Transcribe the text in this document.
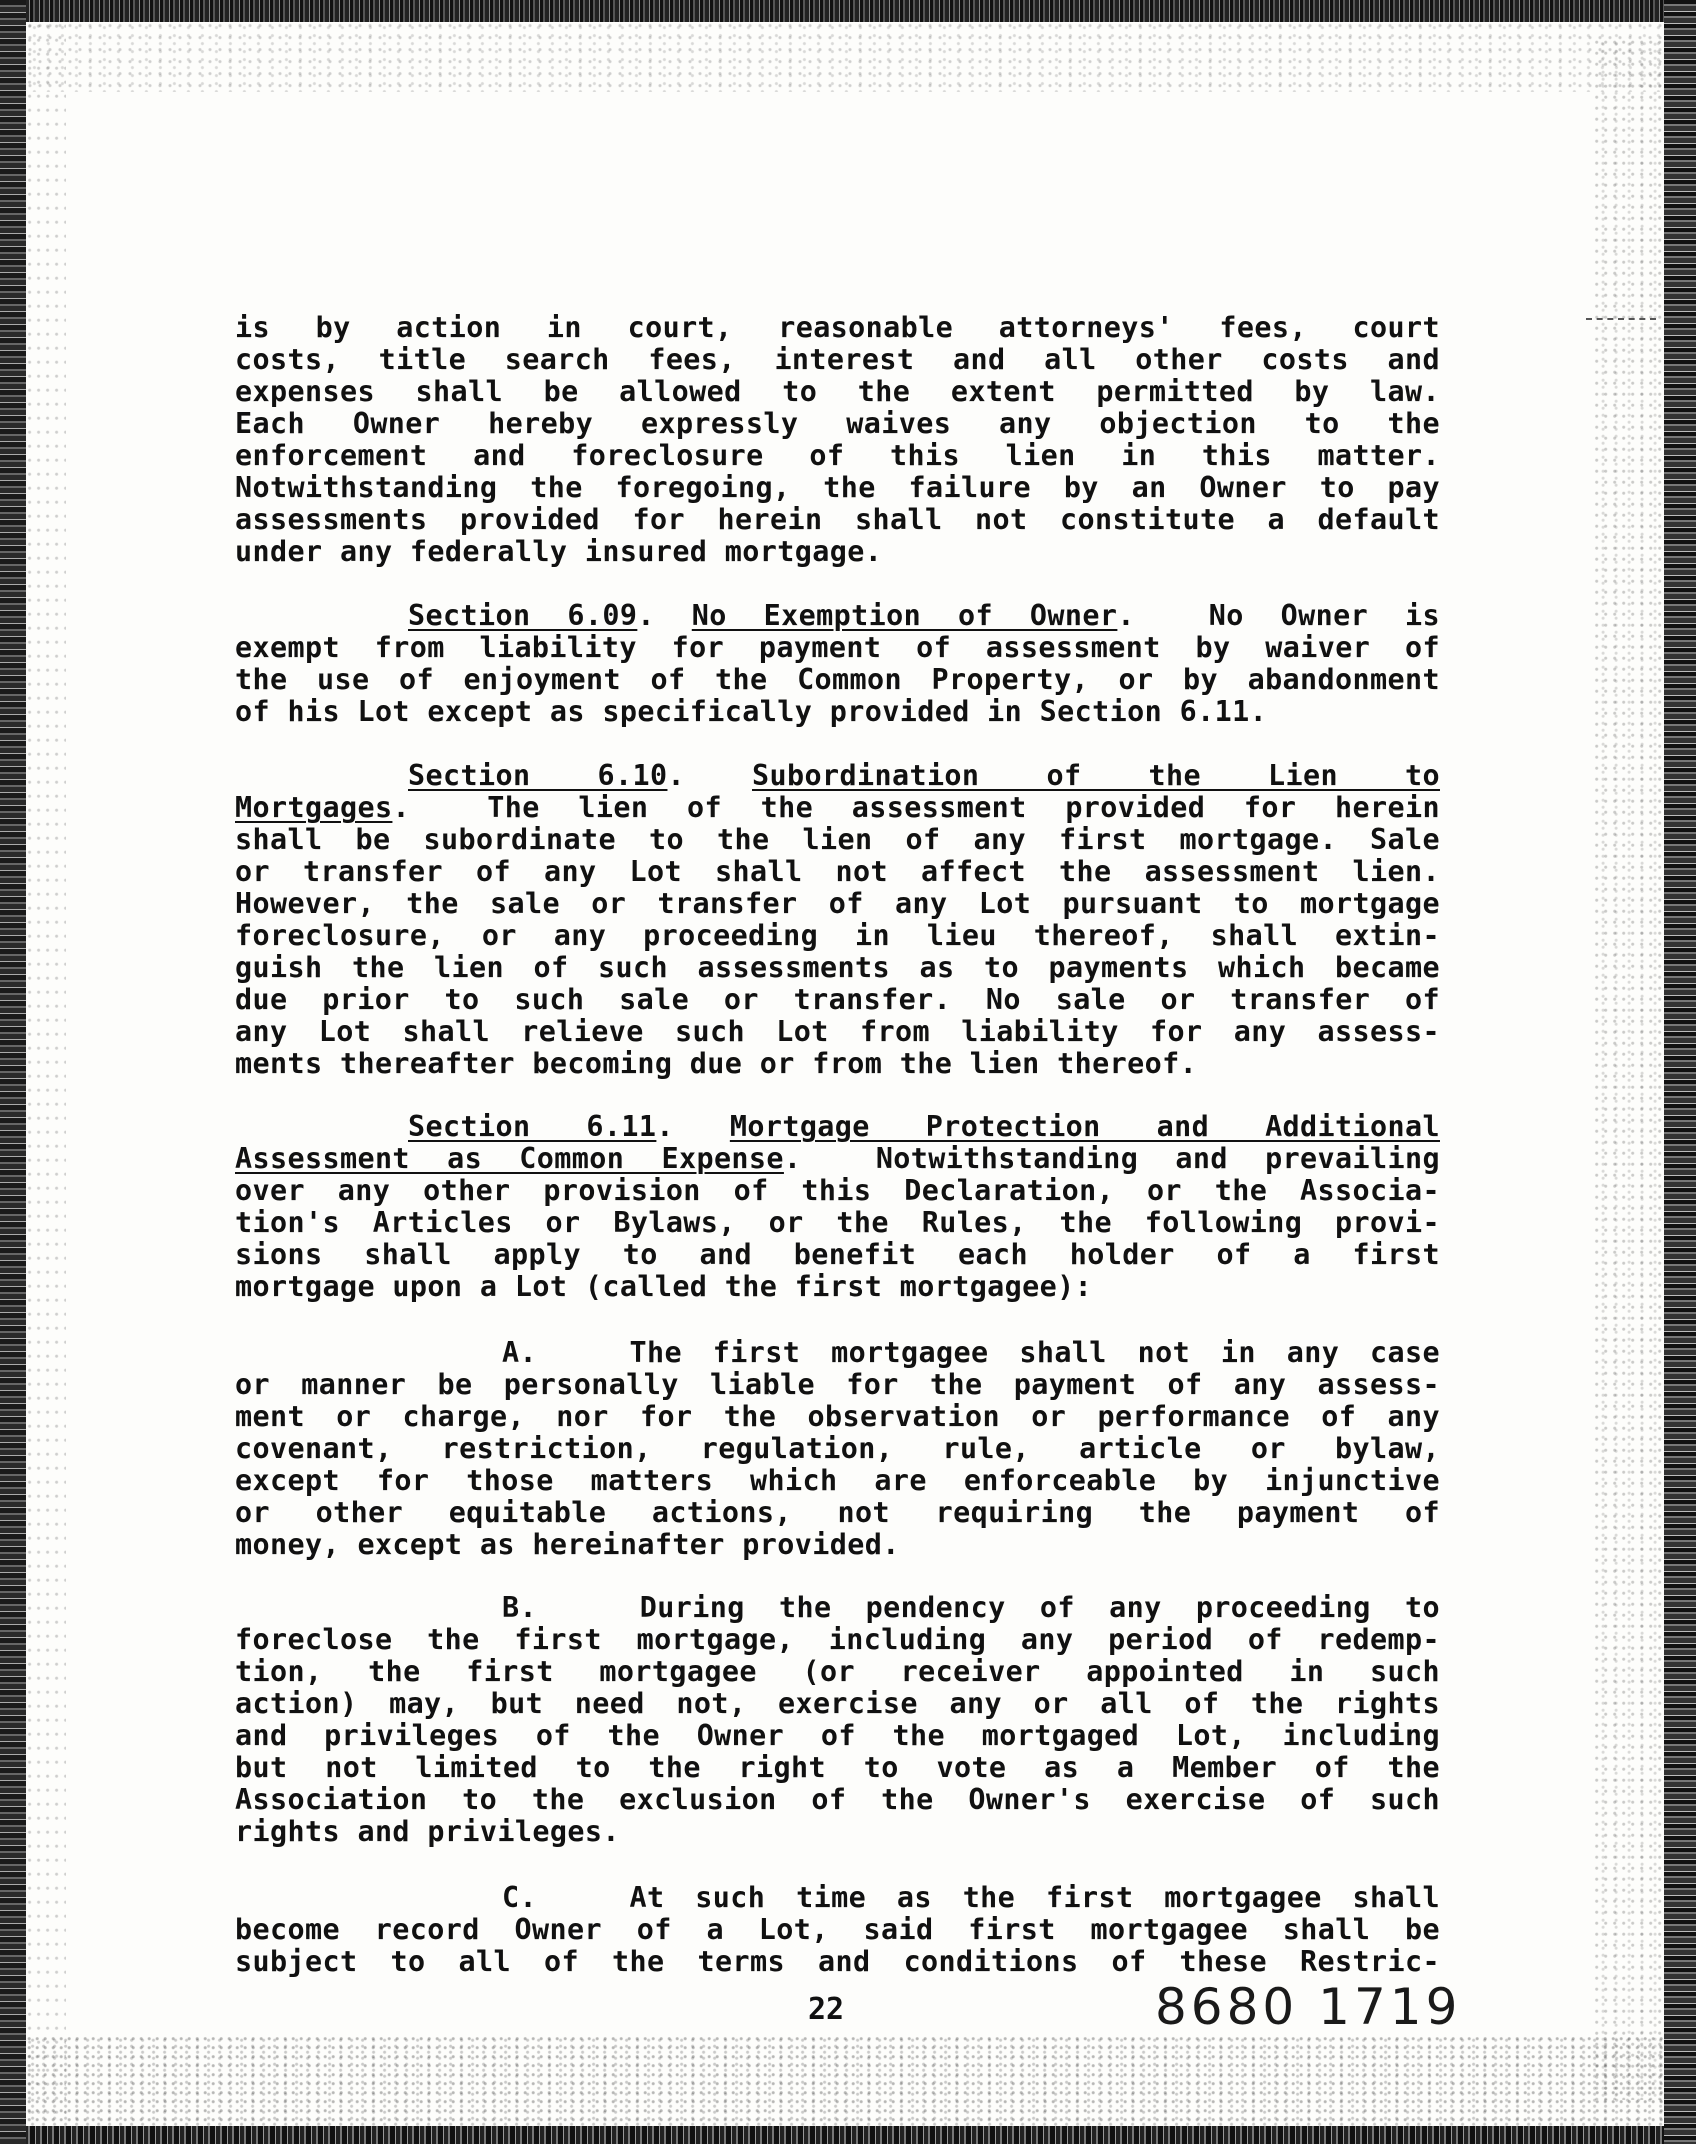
is by action in court, reasonable attorneys' fees, court
costs, title search fees, interest and all other costs and
expenses shall be allowed to the extent permitted by law.
Each Owner hereby expressly waives any objection to the
enforcement and foreclosure of this lien in this matter.
Notwithstanding the foregoing, the failure by an Owner to pay
assessments provided for herein shall not constitute a default
under any federally insured mortgage.
Section 6.09. No Exemption of Owner.  No Owner is
exempt from liability for payment of assessment by waiver of
the use of enjoyment of the Common Property, or by abandonment
of his Lot except as specifically provided in Section 6.11.
Section 6.10. Subordination of the Lien to
Mortgages.  The lien of the assessment provided for herein
shall be subordinate to the lien of any first mortgage. Sale
or transfer of any Lot shall not affect the assessment lien.
However, the sale or transfer of any Lot pursuant to mortgage
foreclosure, or any proceeding in lieu thereof, shall extin-
guish the lien of such assessments as to payments which became
due prior to such sale or transfer. No sale or transfer of
any Lot shall relieve such Lot from liability for any assess-
ments thereafter becoming due or from the lien thereof.
Section 6.11. Mortgage Protection and Additional
Assessment as Common Expense.  Notwithstanding and prevailing
over any other provision of this Declaration, or the Associa-
tion's Articles or Bylaws, or the Rules, the following provi-
sions shall apply to and benefit each holder of a first
mortgage upon a Lot (called the first mortgagee):
A.	The first mortgagee shall not in any case
or manner be personally liable for the payment of any assess-
ment or charge, nor for the observation or performance of any
covenant, restriction, regulation, rule, article or bylaw,
except for those matters which are enforceable by injunctive
or other equitable actions, not requiring the payment of
money, except as hereinafter provided.
B.	During the pendency of any proceeding to
foreclose the first mortgage, including any period of redemp-
tion, the first mortgagee (or receiver appointed in such
action) may, but need not, exercise any or all of the rights
and privileges of the Owner of the mortgaged Lot, including
but not limited to the right to vote as a Member of the
Association to the exclusion of the Owner's exercise of such
rights and privileges.
C.	At such time as the first mortgagee shall
become record Owner of a Lot, said first mortgagee shall be
subject to all of the terms and conditions of these Restric-
22	8680 1719
